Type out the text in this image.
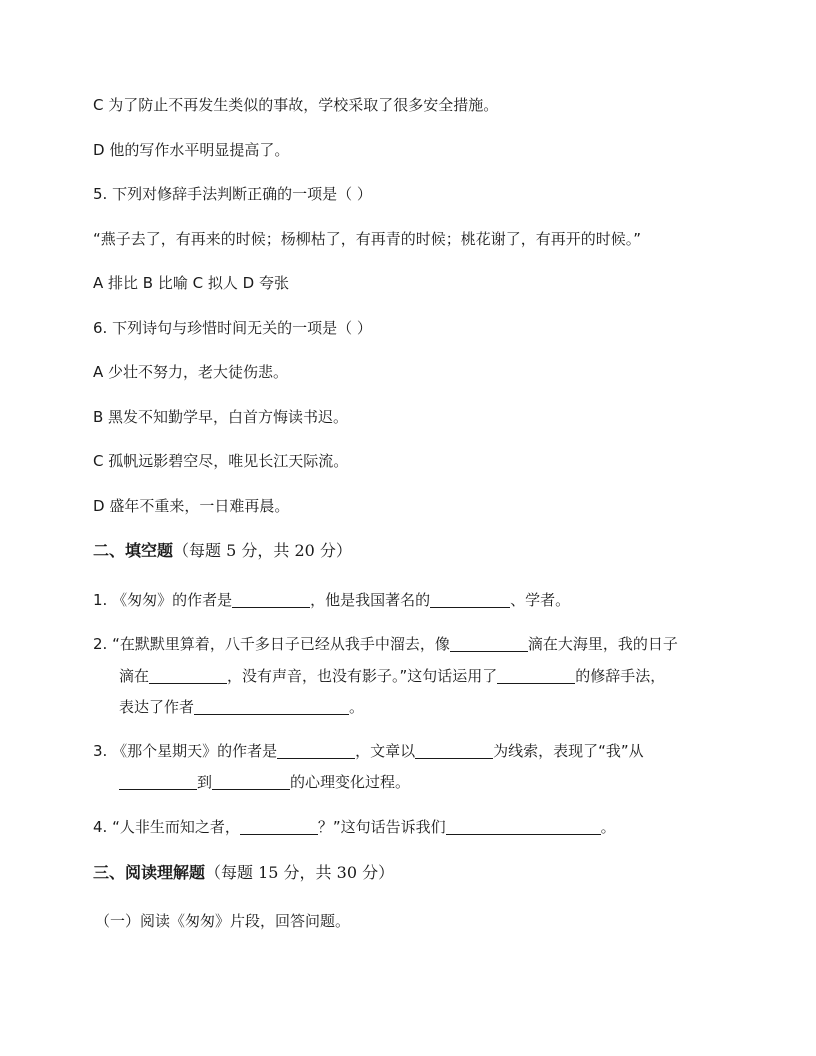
C 为了防止不再发生类似的事故，学校采取了很多安全措施。
D 他的写作水平明显提高了。
5. 下列对修辞手法判断正确的一项是（ ）
“燕子去了，有再来的时候；杨柳枯了，有再青的时候；桃花谢了，有再开的时候。”
A 排比 B 比喻 C 拟人 D 夸张
6. 下列诗句与珍惜时间无关的一项是（ ）
A 少壮不努力，老大徒伤悲。
B 黑发不知勤学早，白首方悔读书迟。
C 孤帆远影碧空尽，唯见长江天际流。
D 盛年不重来，一日难再晨。
二、填空题（每题 5 分，共 20 分）
1. 《匆匆》的作者是	，他是我国著名的	、学者。
2. “在默默里算着，八千多日子已经从我手中溜去，像	滴在大海里，我的日子
滴在	，没有声音，也没有影子。”这句话运用了	的修辞手法，
表达了作者	。
3. 《那个星期天》的作者是	，文章以	为线索，表现了“我”从
到	的心理变化过程。
4. “人非生而知之者，	？”这句话告诉我们	。
三、阅读理解题（每题 15 分，共 30 分）
（一）阅读《匆匆》片段，回答问题。
